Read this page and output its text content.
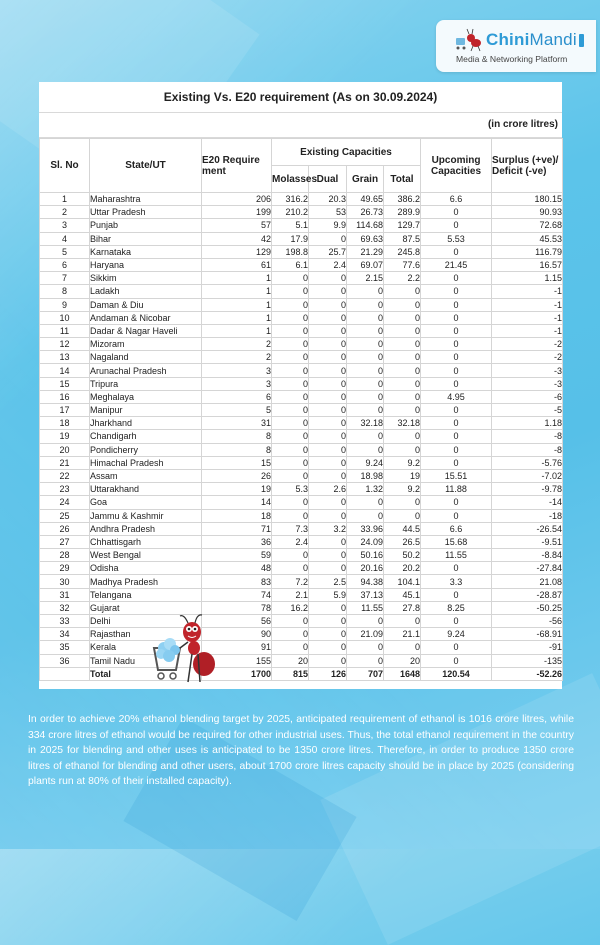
ChiniMandi
Media & Networking Platform
Existing Vs. E20 requirement (As on 30.09.2024)
(in crore litres)
Sl. No	State/UT	E20 Require ment	Existing Capacities				Upcoming Capacities	Surplus (+ve)/ Deficit (-ve)
			Molasses	Dual	Grain	Total		
1	Maharashtra	206	316.2	20.3	49.65	386.2	6.6	180.15
2	Uttar Pradesh	199	210.2	53	26.73	289.9	0	90.93
3	Punjab	57	5.1	9.9	114.68	129.7	0	72.68
4	Bihar	42	17.9	0	69.63	87.5	5.53	45.53
5	Karnataka	129	198.8	25.7	21.29	245.8	0	116.79
6	Haryana	61	6.1	2.4	69.07	77.6	21.45	16.57
7	Sikkim	1	0	0	2.15	2.2	0	1.15
8	Ladakh	1	0	0	0	0	0	-1
9	Daman & Diu	1	0	0	0	0	0	-1
10	Andaman & Nicobar	1	0	0	0	0	0	-1
11	Dadar & Nagar Haveli	1	0	0	0	0	0	-1
12	Mizoram	2	0	0	0	0	0	-2
13	Nagaland	2	0	0	0	0	0	-2
14	Arunachal Pradesh	3	0	0	0	0	0	-3
15	Tripura	3	0	0	0	0	0	-3
16	Meghalaya	6	0	0	0	0	4.95	-6
17	Manipur	5	0	0	0	0	0	-5
18	Jharkhand	31	0	0	32.18	32.18	0	1.18
19	Chandigarh	8	0	0	0	0	0	-8
20	Pondicherry	8	0	0	0	0	0	-8
21	Himachal Pradesh	15	0	0	9.24	9.2	0	-5.76
22	Assam	26	0	0	18.98	19	15.51	-7.02
23	Uttarakhand	19	5.3	2.6	1.32	9.2	11.88	-9.78
24	Goa	14	0	0	0	0	0	-14
25	Jammu & Kashmir	18	0	0	0	0	0	-18
26	Andhra Pradesh	71	7.3	3.2	33.96	44.5	6.6	-26.54
27	Chhattisgarh	36	2.4	0	24.09	26.5	15.68	-9.51
28	West Bengal	59	0	0	50.16	50.2	11.55	-8.84
29	Odisha	48	0	0	20.16	20.2	0	-27.84
30	Madhya Pradesh	83	7.2	2.5	94.38	104.1	3.3	21.08
31	Telangana	74	2.1	5.9	37.13	45.1	0	-28.87
32	Gujarat	78	16.2	0	11.55	27.8	8.25	-50.25
33	Delhi	56	0	0	0	0	0	-56
34	Rajasthan	90	0	0	21.09	21.1	9.24	-68.91
35	Kerala	91	0	0	0	0	0	-91
36	Tamil Nadu	155	20	0	0	20	0	-135
	Total	1700	815	126	707	1648	120.54	-52.26
In order to achieve 20% ethanol blending target by 2025, anticipated requirement of ethanol is 1016 crore litres, while 334 crore litres of ethanol would be required for other industrial uses. Thus, the total ethanol requirement in the country in 2025 for blending and other uses is anticipated to be 1350 crore litres. Therefore, in order to produce 1350 crore litres of ethanol for blending and other users, about 1700 crore litres capacity should be in place by 2025 (considering plants run at 80% of their installed capacity).
